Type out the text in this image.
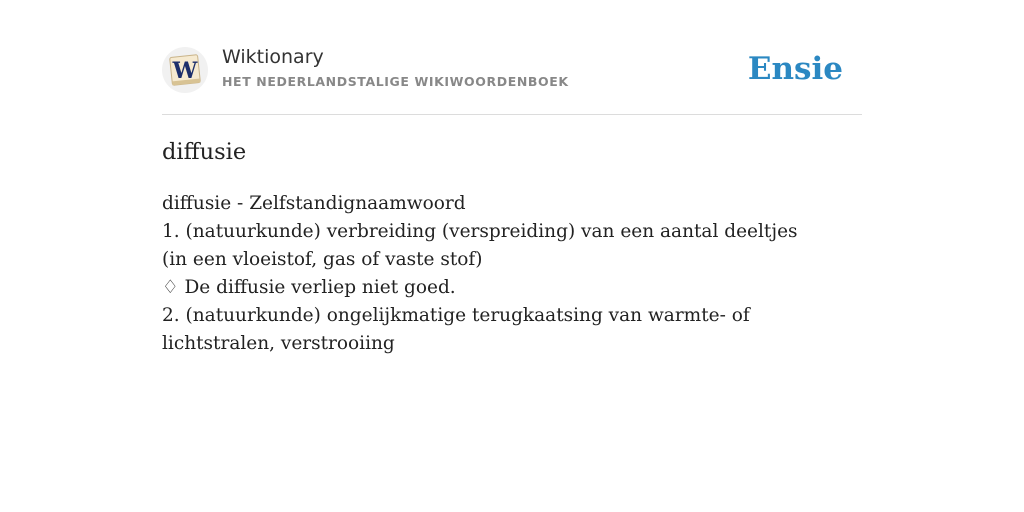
W
Wiktionary
HET NEDERLANDSTALIGE WIKIWOORDENBOEK	Ensie
diffusie
diffusie - Zelfstandignaamwoord
1. (natuurkunde) verbreiding (verspreiding) van een aantal deeltjes (in een vloeistof, gas of vaste stof)
♢ De diffusie verliep niet goed.
2. (natuurkunde) ongelijkmatige terugkaatsing van warmte- of lichtstralen, verstrooiing
